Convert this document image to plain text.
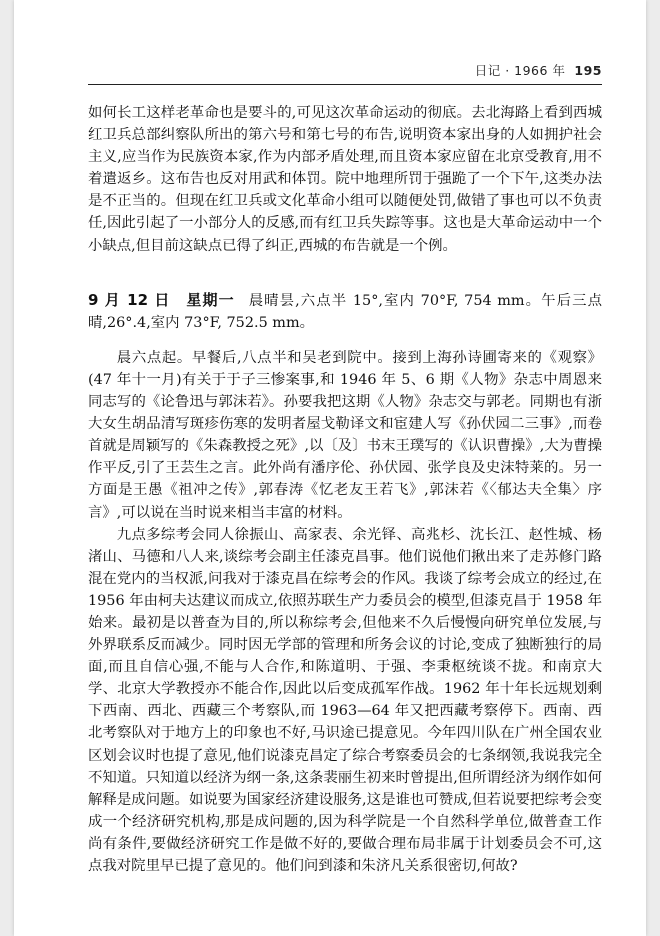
日记 · 1966 年 195

如何长工这样老革命也是要斗的,可见这次革命运动的彻底。去北海路上看到西城红卫兵总部纠察队所出的第六号和第七号的布告,说明资本家出身的人如拥护社会主义,应当作为民族资本家,作为内部矛盾处理,而且资本家应留在北京受教育,用不着遣返乡。这布告也反对用武和体罚。院中地理所罚于强跪了一个下午,这类办法是不正当的。但现在红卫兵或文化革命小组可以随便处罚,做错了事也可以不负责任,因此引起了一小部分人的反感,而有红卫兵失踪等事。这也是大革命运动中一个小缺点,但目前这缺点已得了纠正,西城的布告就是一个例。

9 月 12 日 星期一 晨晴昙,六点半 15°,室内 70°F, 754 mm。午后三点晴,26°.4,室内 73°F, 752.5 mm。

晨六点起。早餐后,八点半和吴老到院中。接到上海孙诗圃寄来的《观察》(47 年十一月)有关于于子三惨案事,和 1946 年 5、6 期《人物》杂志中周恩来同志写的《论鲁迅与郭沫若》。孙要我把这期《人物》杂志交与郭老。同期也有浙大女生胡品清写斑疹伤寒的发明者屋戈勒译文和宦建人写《孙伏园二三事》,而卷首就是周颖写的《朱森教授之死》,以〔及〕书末王璞写的《认识曹操》,大为曹操作平反,引了王芸生之言。此外尚有潘序伦、孙伏园、张学良及史沫特莱的。另一方面是王愚《祖冲之传》,郭春涛《忆老友王若飞》,郭沫若《〈郁达夫全集〉序言》,可以说在当时说来相当丰富的材料。

九点多综考会同人徐振山、高家表、余光铎、高兆杉、沈长江、赵性城、杨渚山、马德和八人来,谈综考会副主任漆克昌事。他们说他们揪出来了走苏修门路混在党内的当权派,问我对于漆克昌在综考会的作风。我谈了综考会成立的经过,在 1956 年由柯夫达建议而成立,依照苏联生产力委员会的模型,但漆克昌于 1958 年始来。最初是以普查为目的,所以称综考会,但他来不久后慢慢向研究单位发展,与外界联系反而减少。同时因无学部的管理和所务会议的讨论,变成了独断独行的局面,而且自信心强,不能与人合作,和陈道明、于强、李秉枢统谈不拢。和南京大学、北京大学教授亦不能合作,因此以后变成孤军作战。1962 年十年长远规划剩下西南、西北、西藏三个考察队,而 1963—64 年又把西藏考察停下。西南、西北考察队对于地方上的印象也不好,马识途已提意见。今年四川队在广州全国农业区划会议时也提了意见,他们说漆克昌定了综合考察委员会的七条纲领,我说我完全不知道。只知道以经济为纲一条,这条裴丽生初来时曾提出,但所谓经济为纲作如何解释是成问题。如说要为国家经济建设服务,这是谁也可赞成,但若说要把综考会变成一个经济研究机构,那是成问题的,因为科学院是一个自然科学单位,做普查工作尚有条件,要做经济研究工作是做不好的,要做合理布局非属于计划委员会不可,这点我对院里早已提了意见的。他们问到漆和朱济凡关系很密切,何故?
